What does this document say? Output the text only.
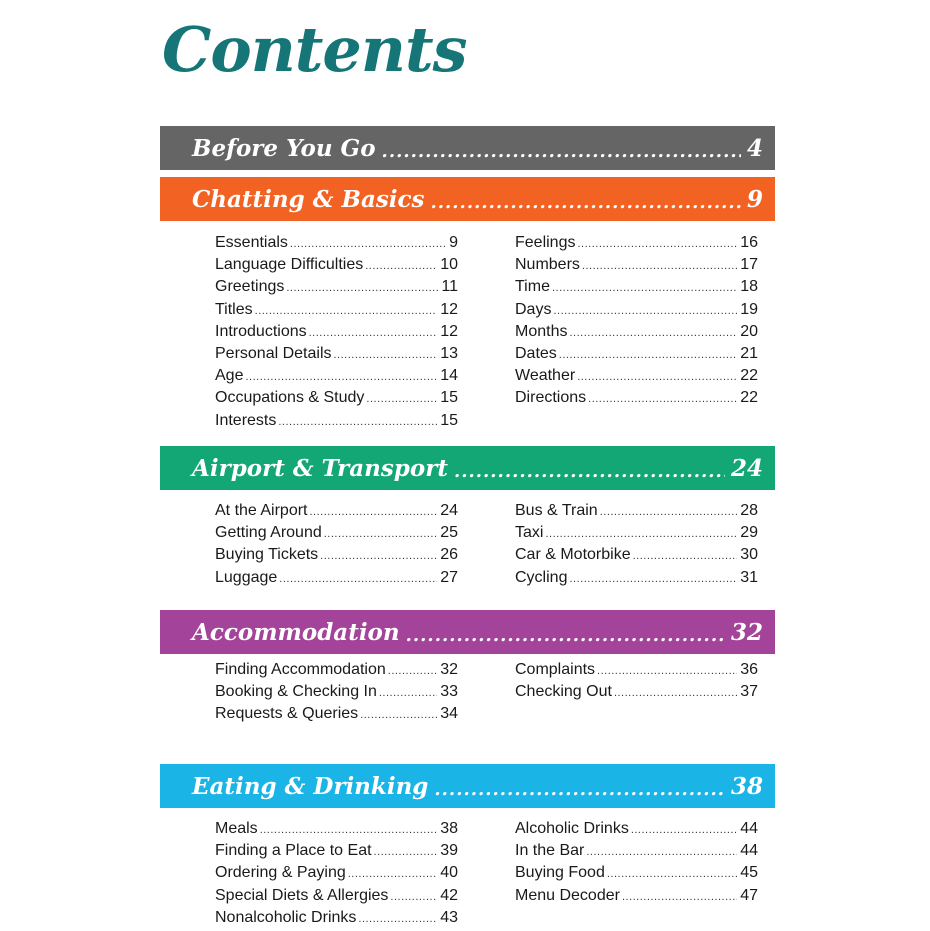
Contents
Before You Go .....	4
Chatting & Basics .....	9
Essentials .....	9
Language Difficulties .....	10
Greetings .....	11
Titles .....	12
Introductions .....	12
Personal Details .....	13
Age .....	14
Occupations & Study .....	15
Interests .....	15
Feelings .....	16
Numbers .....	17
Time .....	18
Days .....	19
Months .....	20
Dates .....	21
Weather .....	22
Directions .....	22
Airport & Transport .....	24
At the Airport .....	24
Getting Around .....	25
Buying Tickets .....	26
Luggage .....	27
Bus & Train .....	28
Taxi .....	29
Car & Motorbike .....	30
Cycling .....	31
Accommodation .....	32
Finding Accommodation .....	32
Booking & Checking In .....	33
Requests & Queries .....	34
Complaints .....	36
Checking Out .....	37
Eating & Drinking .....	38
Meals .....	38
Finding a Place to Eat .....	39
Ordering & Paying .....	40
Special Diets & Allergies .....	42
Nonalcoholic Drinks .....	43
Alcoholic Drinks .....	44
In the Bar .....	44
Buying Food .....	45
Menu Decoder .....	47
